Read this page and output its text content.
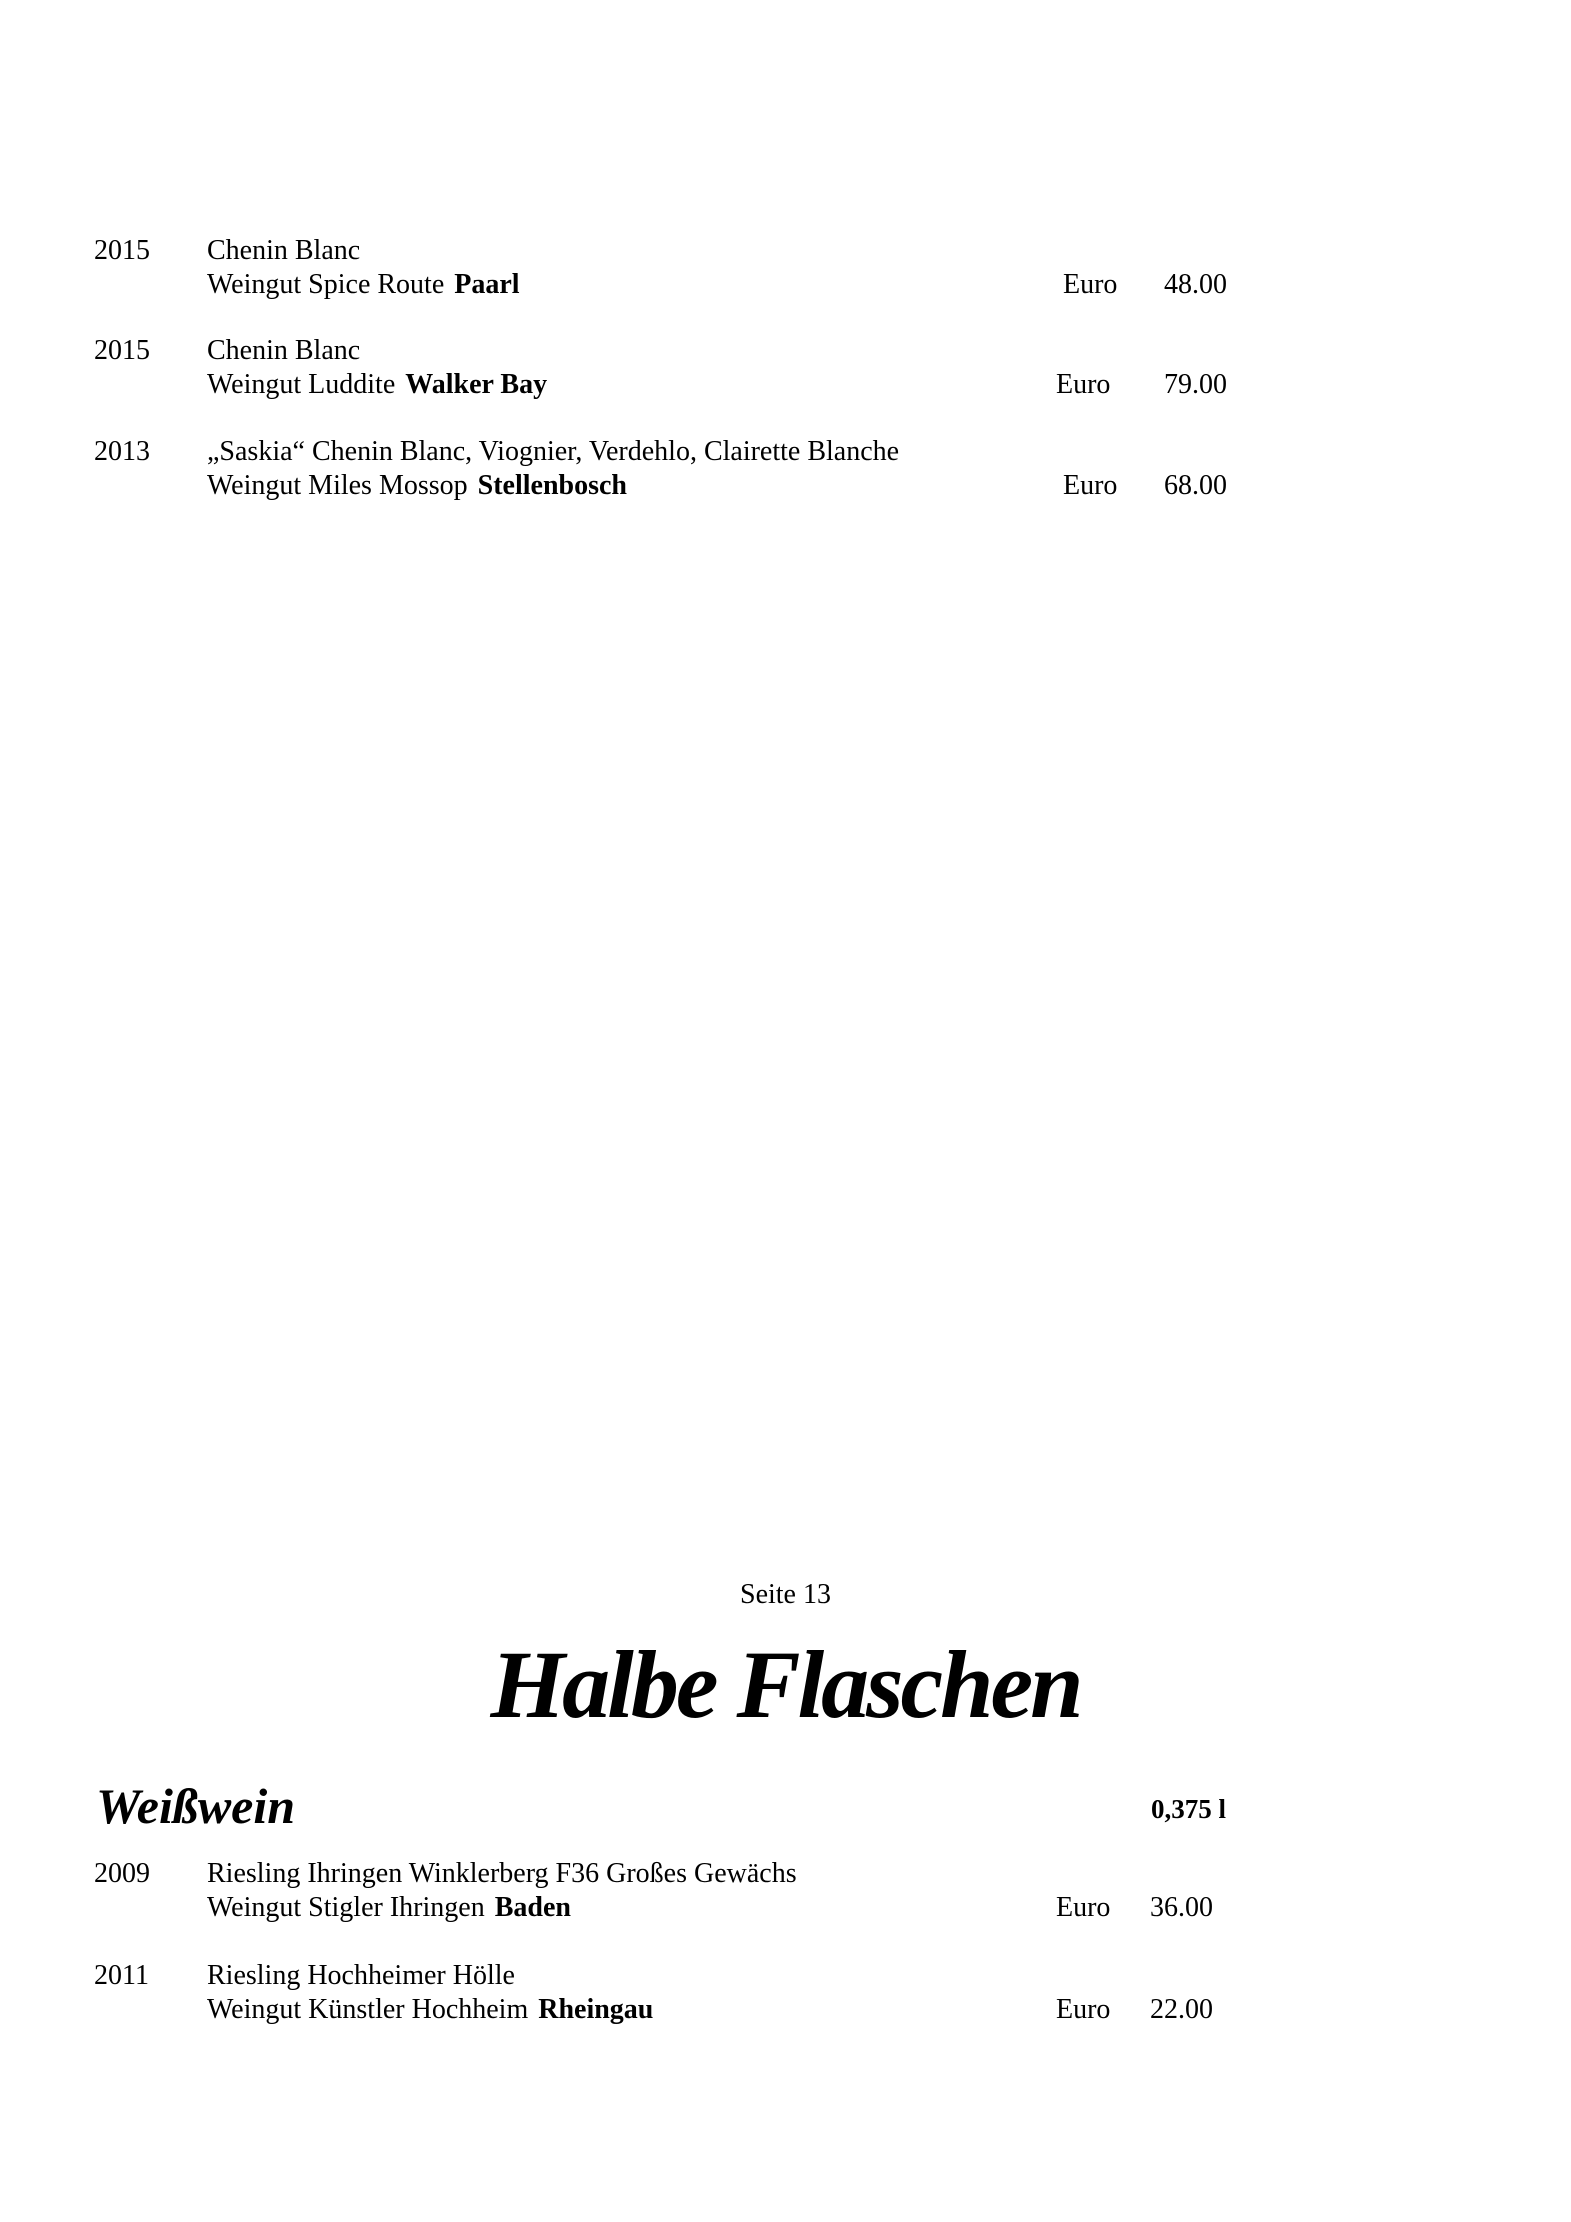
2015 Chenin Blanc
Weingut Spice Route Paarl	Euro 48.00
2015 Chenin Blanc
Weingut Luddite Walker Bay	Euro 79.00
2013 „Saskia“ Chenin Blanc, Viognier, Verdehlo, Clairette Blanche
Weingut Miles Mossop Stellenbosch	Euro 68.00
Seite 13
Halbe Flaschen
Weißwein	0,375 l
2009 Riesling Ihringen Winklerberg F36 Großes Gewächs
Weingut Stigler Ihringen Baden	Euro 36.00
2011 Riesling Hochheimer Hölle
Weingut Künstler Hochheim Rheingau	Euro 22.00
